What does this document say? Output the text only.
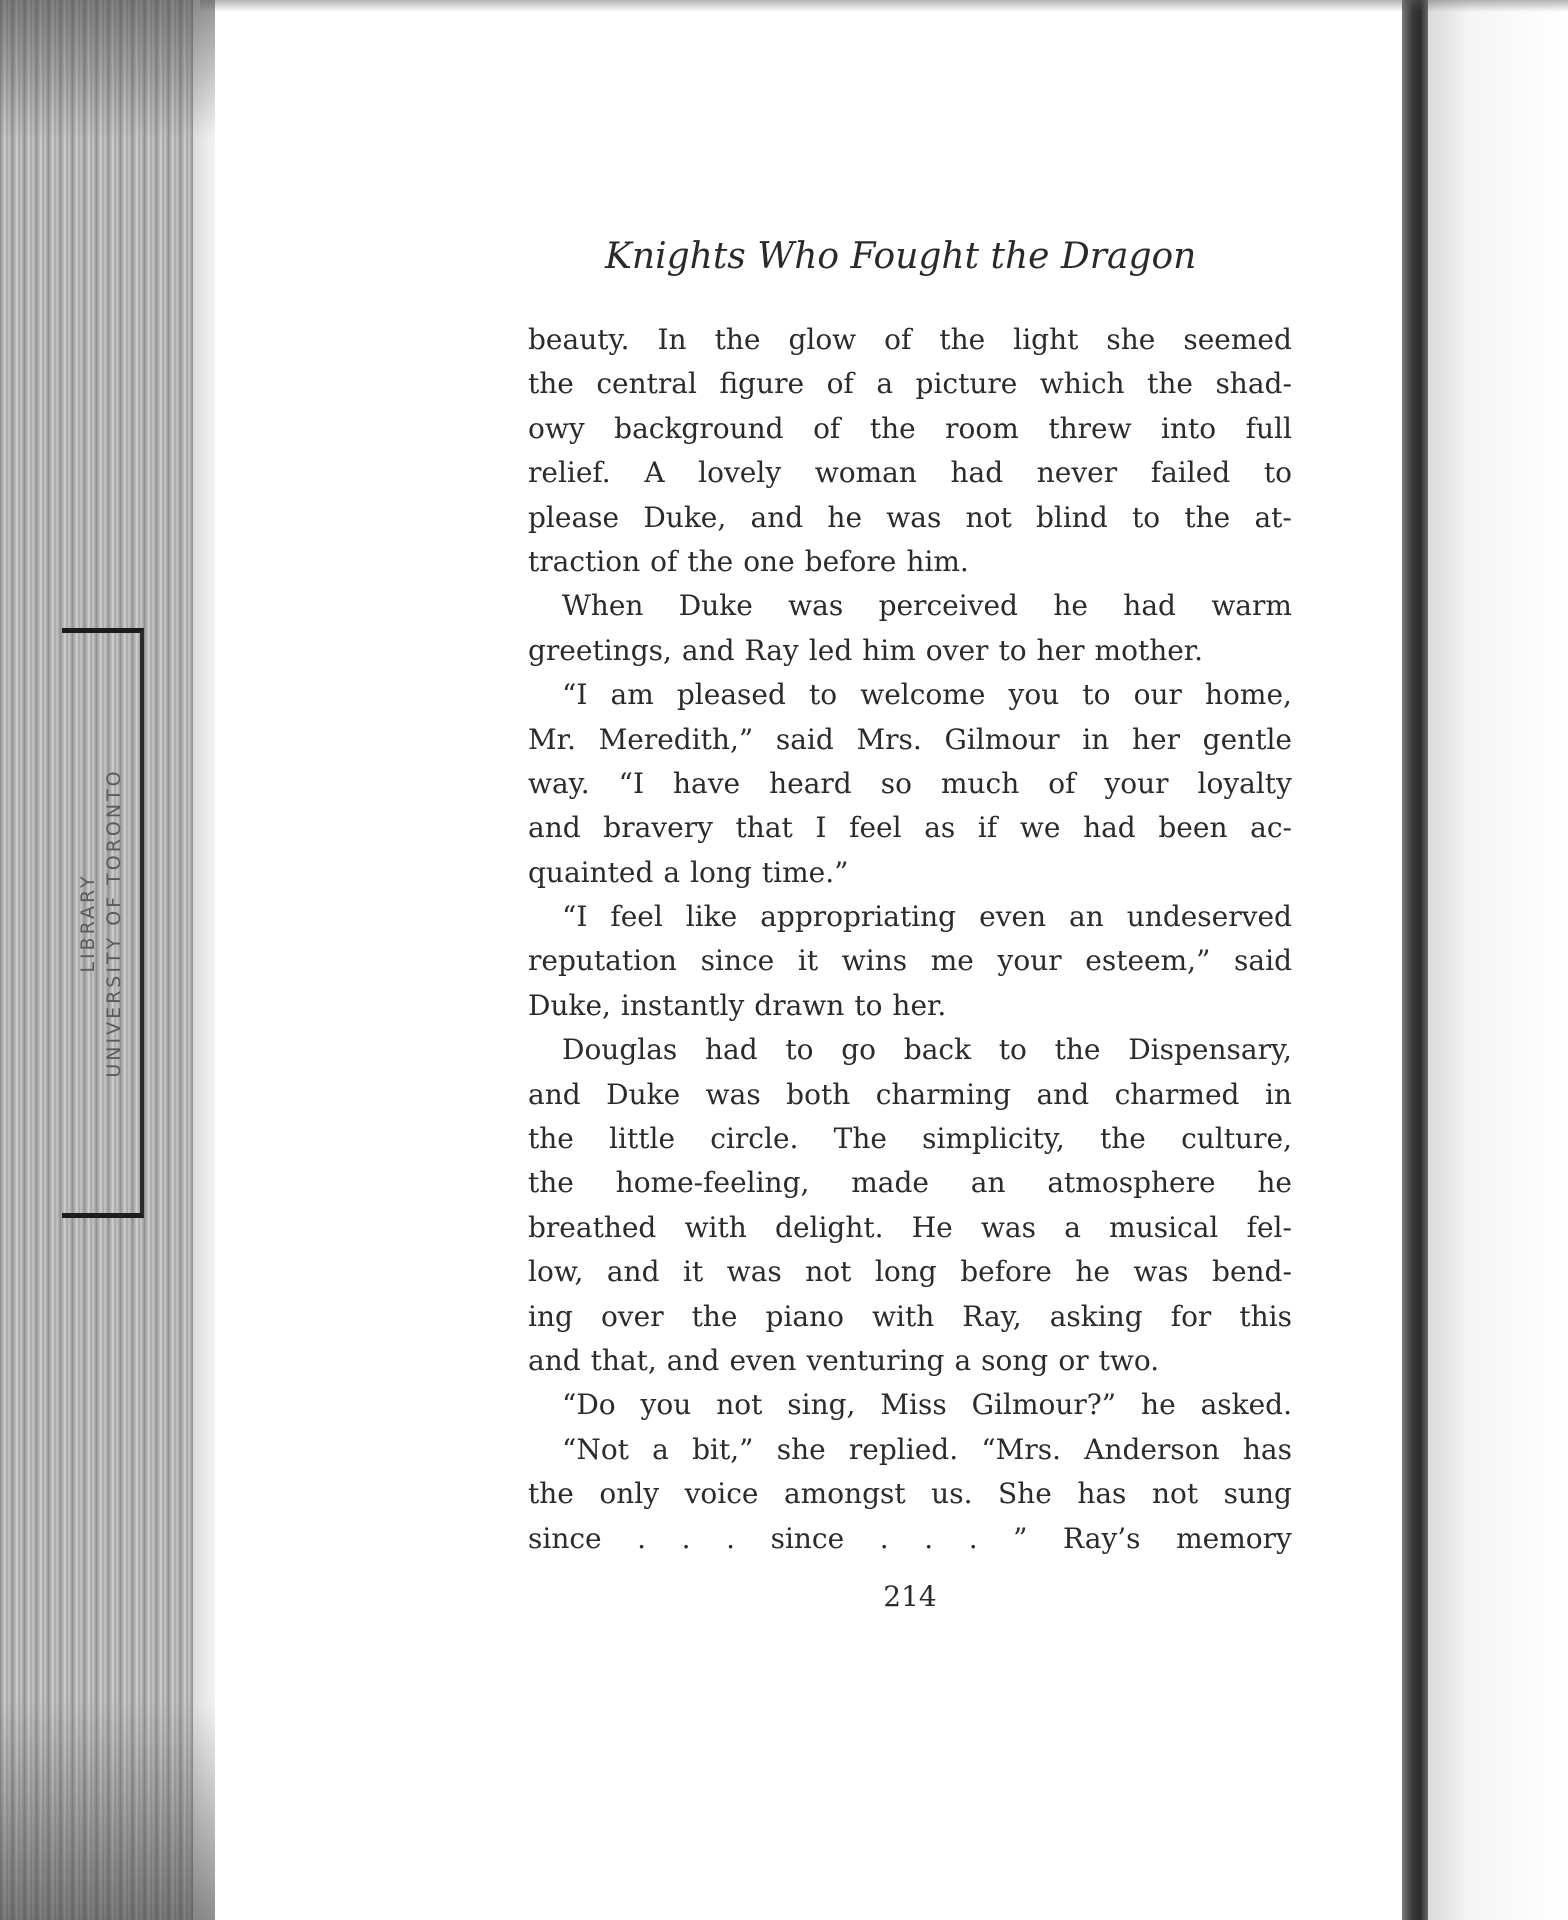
LIBRARY UNIVERSITY OF TORONTO
Knights Who Fought the Dragon
beauty. In the glow of the light she seemed
the central figure of a picture which the shad-
owy background of the room threw into full
relief. A lovely woman had never failed to
please Duke, and he was not blind to the at-
traction of the one before him.
When Duke was perceived he had warm
greetings, and Ray led him over to her mother.
“I am pleased to welcome you to our home,
Mr. Meredith,” said Mrs. Gilmour in her gentle
way. “I have heard so much of your loyalty
and bravery that I feel as if we had been ac-
quainted a long time.”
“I feel like appropriating even an undeserved
reputation since it wins me your esteem,” said
Duke, instantly drawn to her.
Douglas had to go back to the Dispensary,
and Duke was both charming and charmed in
the little circle. The simplicity, the culture,
the home-feeling, made an atmosphere he
breathed with delight. He was a musical fel-
low, and it was not long before he was bend-
ing over the piano with Ray, asking for this
and that, and even venturing a song or two.
“Do you not sing, Miss Gilmour?” he asked.
“Not a bit,” she replied. “Mrs. Anderson has
the only voice amongst us. She has not sung
since . . . since . . . ” Ray’s memory
214
